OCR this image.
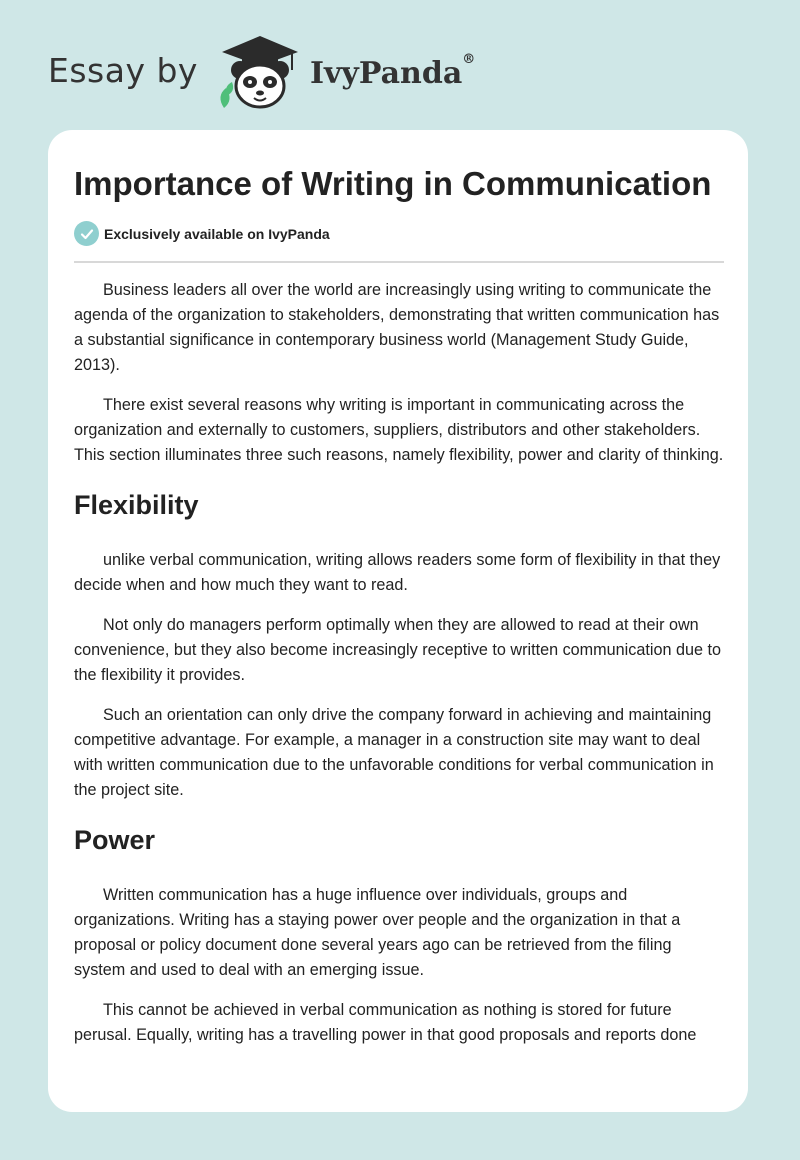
Essay by	IvyPanda®
Importance of Writing in Communication
Exclusively available on IvyPanda

Business leaders all over the world are increasingly using writing to communicate the agenda of the organization to stakeholders, demonstrating that written communication has a substantial significance in contemporary business world (Management Study Guide, 2013).

There exist several reasons why writing is important in communicating across the organization and externally to customers, suppliers, distributors and other stakeholders. This section illuminates three such reasons, namely flexibility, power and clarity of thinking.

Flexibility

unlike verbal communication, writing allows readers some form of flexibility in that they decide when and how much they want to read.

Not only do managers perform optimally when they are allowed to read at their own convenience, but they also become increasingly receptive to written communication due to the flexibility it provides.

Such an orientation can only drive the company forward in achieving and maintaining competitive advantage. For example, a manager in a construction site may want to deal with written communication due to the unfavorable conditions for verbal communication in the project site.

Power

Written communication has a huge influence over individuals, groups and organizations. Writing has a staying power over people and the organization in that a proposal or policy document done several years ago can be retrieved from the filing system and used to deal with an emerging issue.

This cannot be achieved in verbal communication as nothing is stored for future perusal. Equally, writing has a travelling power in that good proposals and reports done
